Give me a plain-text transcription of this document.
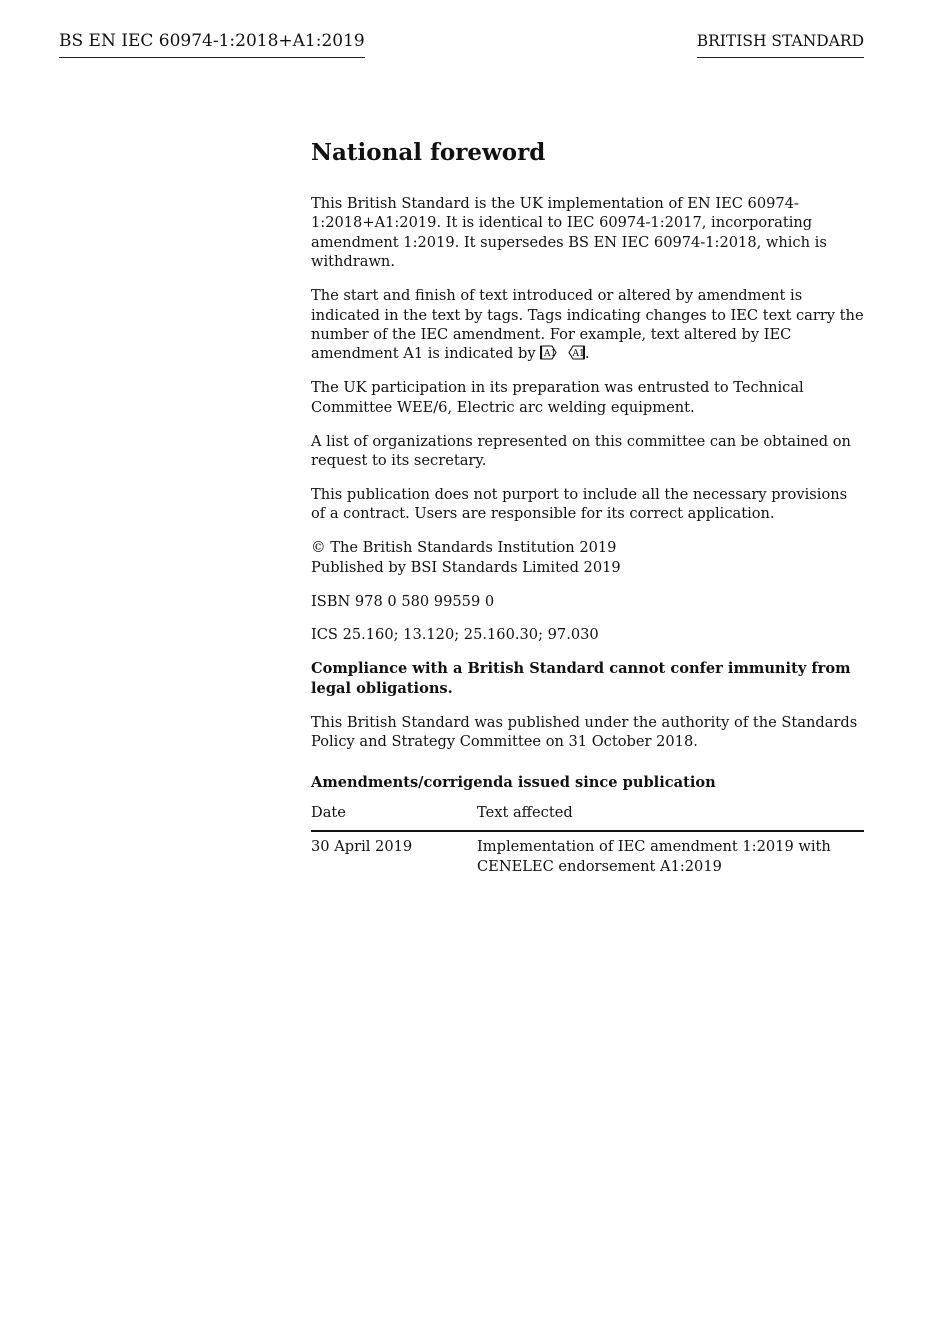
BS EN IEC 60974-1:2018+A1:2019	BRITISH STANDARD
National foreword

This British Standard is the UK implementation of EN IEC 60974-1:2018+A1:2019. It is identical to IEC 60974-1:2017, incorporating amendment 1:2019. It supersedes BS EN IEC 60974-1:2018, which is withdrawn.

The start and finish of text introduced or altered by amendment is indicated in the text by tags. Tags indicating changes to IEC text carry the number of the IEC amendment. For example, text altered by IEC amendment A1 is indicated by A1
A1 .

The UK participation in its preparation was entrusted to Technical Committee WEE/6, Electric arc welding equipment.

A list of organizations represented on this committee can be obtained on request to its secretary.

This publication does not purport to include all the necessary provisions of a contract. Users are responsible for its correct application.

© The British Standards Institution 2019
Published by BSI Standards Limited 2019

ISBN 978 0 580 99559 0

ICS 25.160; 13.120; 25.160.30; 97.030

Compliance with a British Standard cannot confer immunity from legal obligations.

This British Standard was published under the authority of the Standards Policy and Strategy Committee on 31 October 2018.

Amendments/corrigenda issued since publication
Date	Text affected
30 April 2019	Implementation of IEC amendment 1:2019 with CENELEC endorsement A1:2019
